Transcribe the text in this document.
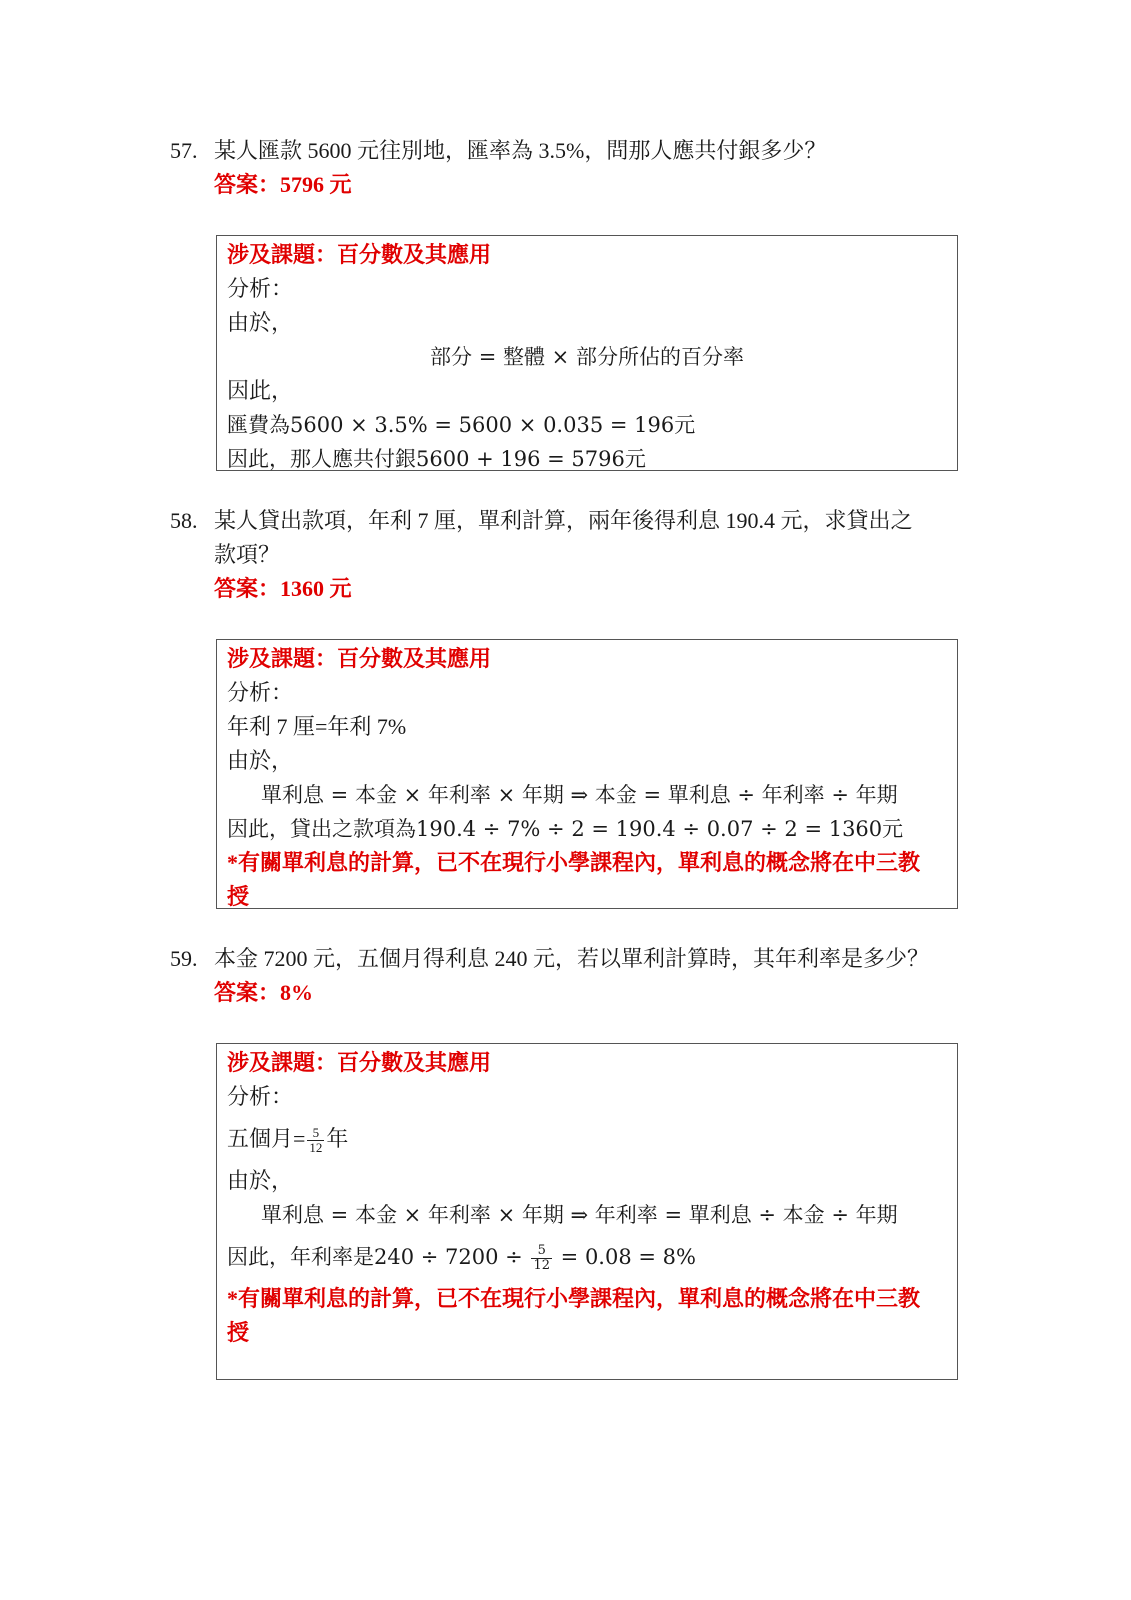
57. 某人匯款 5600 元往別地，匯率為 3.5%，問那人應共付銀多少？
答案：5796 元
涉及課題：百分數及其應用
分析：
由於，
部分 = 整體 × 部分所佔的百分率
因此，
匯費為5600 × 3.5% = 5600 × 0.035 = 196元
因此，那人應共付銀5600 + 196 = 5796元
58. 某人貸出款項，年利 7 厘，單利計算，兩年後得利息 190.4 元，求貸出之
款項？
答案：1360 元
涉及課題：百分數及其應用
分析：
年利 7 厘=年利 7%
由於，
單利息 = 本金 × 年利率 × 年期 ⇒ 本金 = 單利息 ÷ 年利率 ÷ 年期
因此，貸出之款項為190.4 ÷ 7% ÷ 2 = 190.4 ÷ 0.07 ÷ 2 = 1360元
*有關單利息的計算，已不在現行小學課程內，單利息的概念將在中三教
授
59. 本金 7200 元，五個月得利息 240 元，若以單利計算時，其年利率是多少？
答案：8%
涉及課題：百分數及其應用
分析：
五個月= $\frac{5}{12}$ 年
由於，
單利息 = 本金 × 年利率 × 年期 ⇒ 年利率 = 單利息 ÷ 本金 ÷ 年期
因此，年利率是$240 \div 7200 \div \frac{5}{12} = 0.08 = 8\%$
*有關單利息的計算，已不在現行小學課程內，單利息的概念將在中三教
授
